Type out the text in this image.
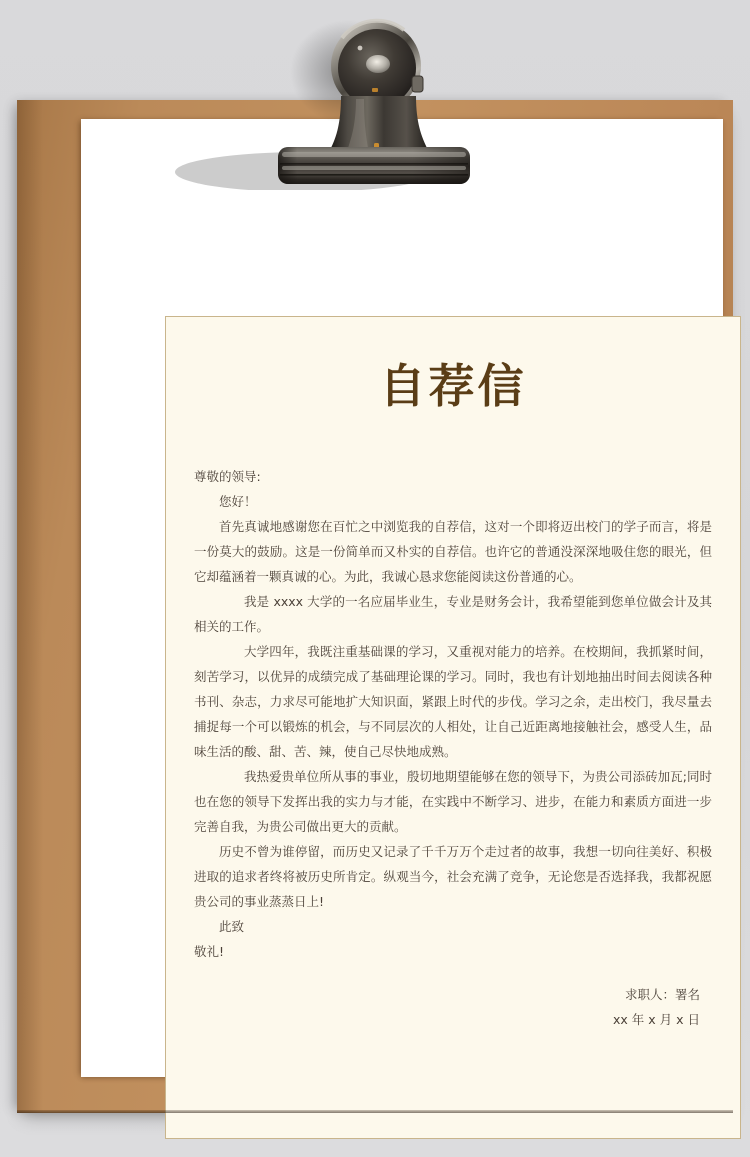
自荐信

尊敬的领导:

您好！

首先真诚地感谢您在百忙之中浏览我的自荐信，这对一个即将迈出校门的学子而言，将是一份莫大的鼓励。这是一份简单而又朴实的自荐信。也许它的普通没深深地吸住您的眼光，但它却蕴涵着一颗真诚的心。为此，我诚心恳求您能阅读这份普通的心。

我是 xxxx 大学的一名应届毕业生，专业是财务会计，我希望能到您单位做会计及其相关的工作。

大学四年，我既注重基础课的学习，又重视对能力的培养。在校期间，我抓紧时间，刻苦学习，以优异的成绩完成了基础理论课的学习。同时，我也有计划地抽出时间去阅读各种书刊、杂志，力求尽可能地扩大知识面，紧跟上时代的步伐。学习之余，走出校门，我尽量去捕捉每一个可以锻炼的机会，与不同层次的人相处，让自己近距离地接触社会，感受人生，品味生活的酸、甜、苦、辣，使自己尽快地成熟。

我热爱贵单位所从事的事业，殷切地期望能够在您的领导下，为贵公司添砖加瓦;同时也在您的领导下发挥出我的实力与才能，在实践中不断学习、进步，在能力和素质方面进一步完善自我，为贵公司做出更大的贡献。

历史不曾为谁停留，而历史又记录了千千万万个走过者的故事，我想一切向往美好、积极进取的追求者终将被历史所肯定。纵观当今，社会充满了竞争，无论您是否选择我，我都祝愿贵公司的事业蒸蒸日上!

此致

敬礼!

求职人：署名
xx 年 x 月 x 日
